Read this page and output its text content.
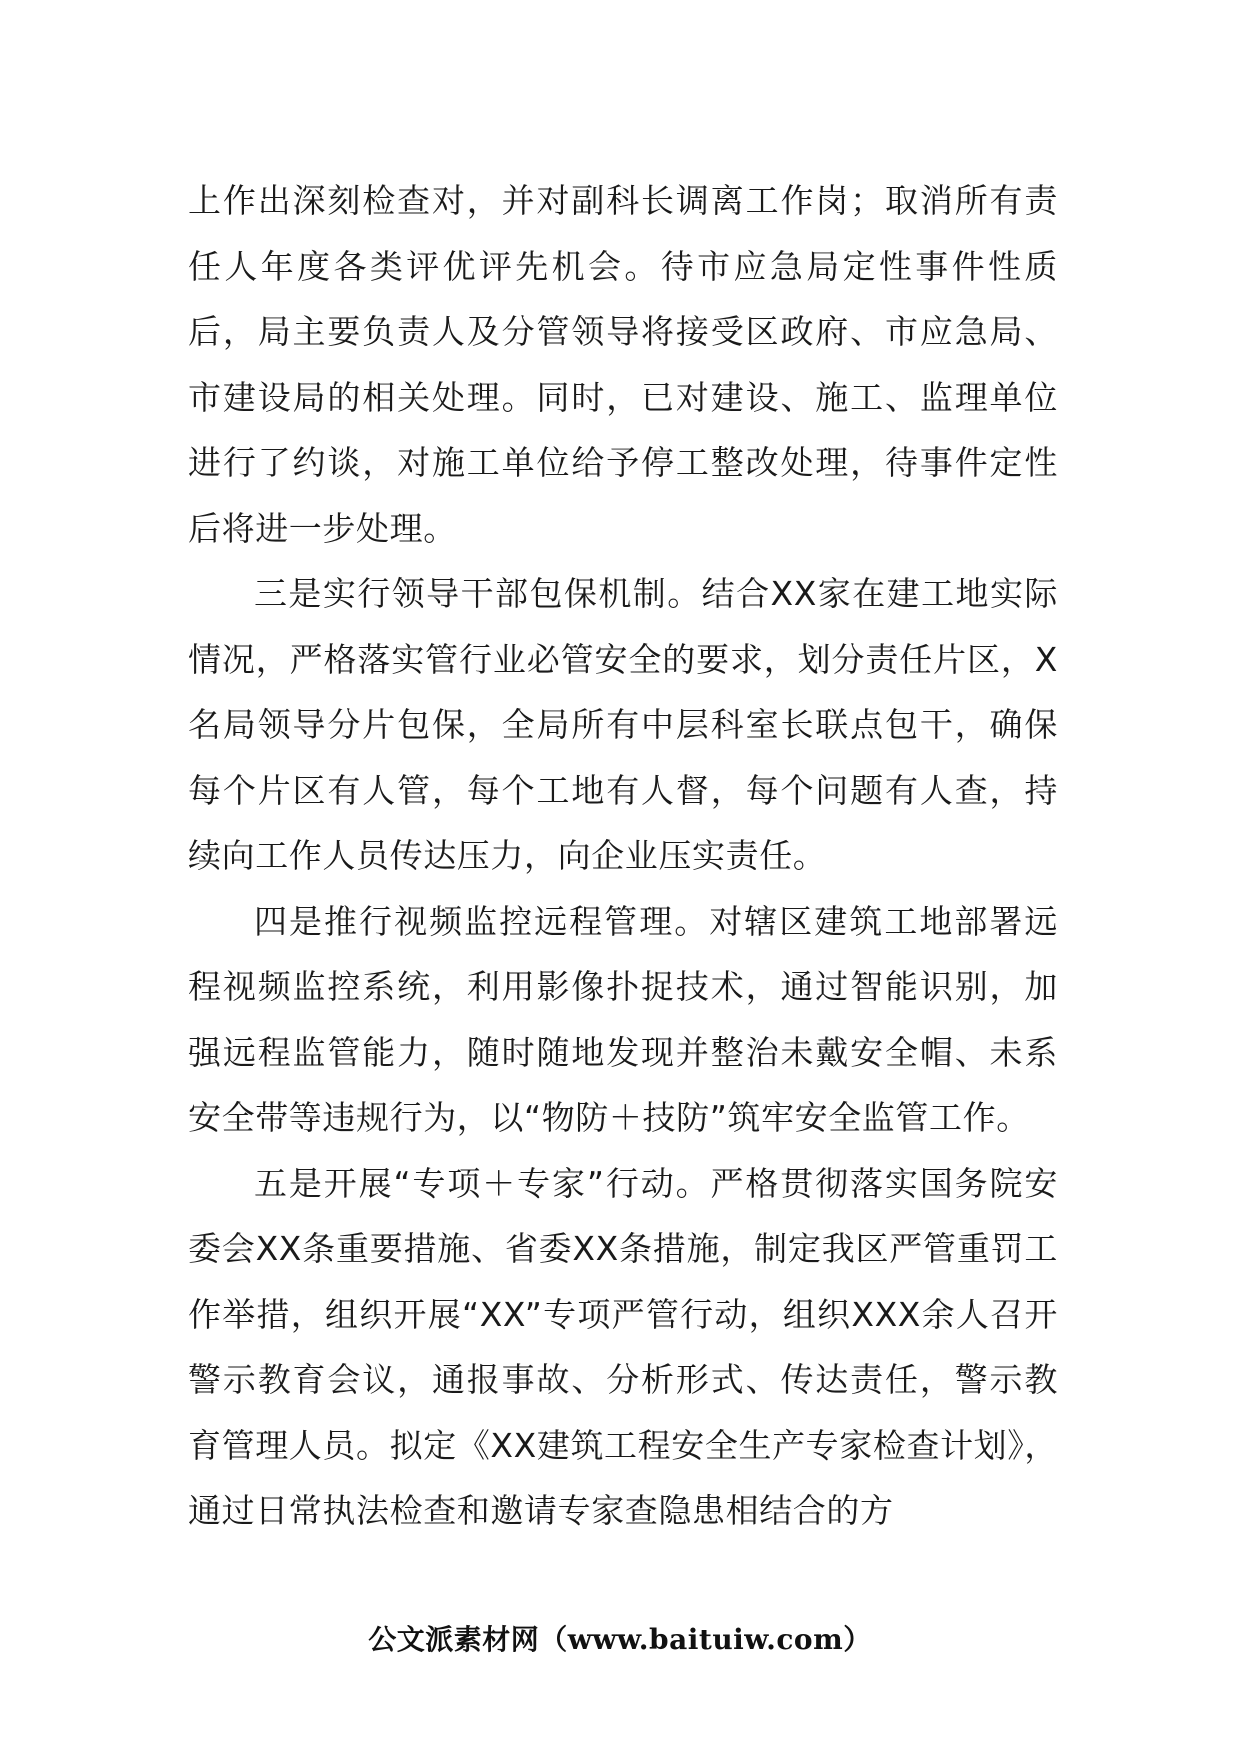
上作出深刻检查对，并对副科长调离工作岗；取消所有责任人年度各类评优评先机会。待市应急局定性事件性质后，局主要负责人及分管领导将接受区政府、市应急局、市建设局的相关处理。同时，已对建设、施工、监理单位进行了约谈，对施工单位给予停工整改处理，待事件定性后将进一步处理。

三是实行领导干部包保机制。结合XX家在建工地实际情况，严格落实管行业必管安全的要求，划分责任片区，X名局领导分片包保，全局所有中层科室长联点包干，确保每个片区有人管，每个工地有人督，每个问题有人查，持续向工作人员传达压力，向企业压实责任。

四是推行视频监控远程管理。对辖区建筑工地部署远程视频监控系统，利用影像扑捉技术，通过智能识别，加强远程监管能力，随时随地发现并整治未戴安全帽、未系安全带等违规行为，以“物防＋技防”筑牢安全监管工作。

五是开展“专项＋专家”行动。严格贯彻落实国务院安委会XX条重要措施、省委XX条措施，制定我区严管重罚工作举措，组织开展“XX”专项严管行动，组织XXX余人召开警示教育会议，通报事故、分析形式、传达责任，警示教育管理人员。拟定《XX建筑工程安全生产专家检查计划》，通过日常执法检查和邀请专家查隐患相结合的方

公文派素材网（www.baituiw.com）
